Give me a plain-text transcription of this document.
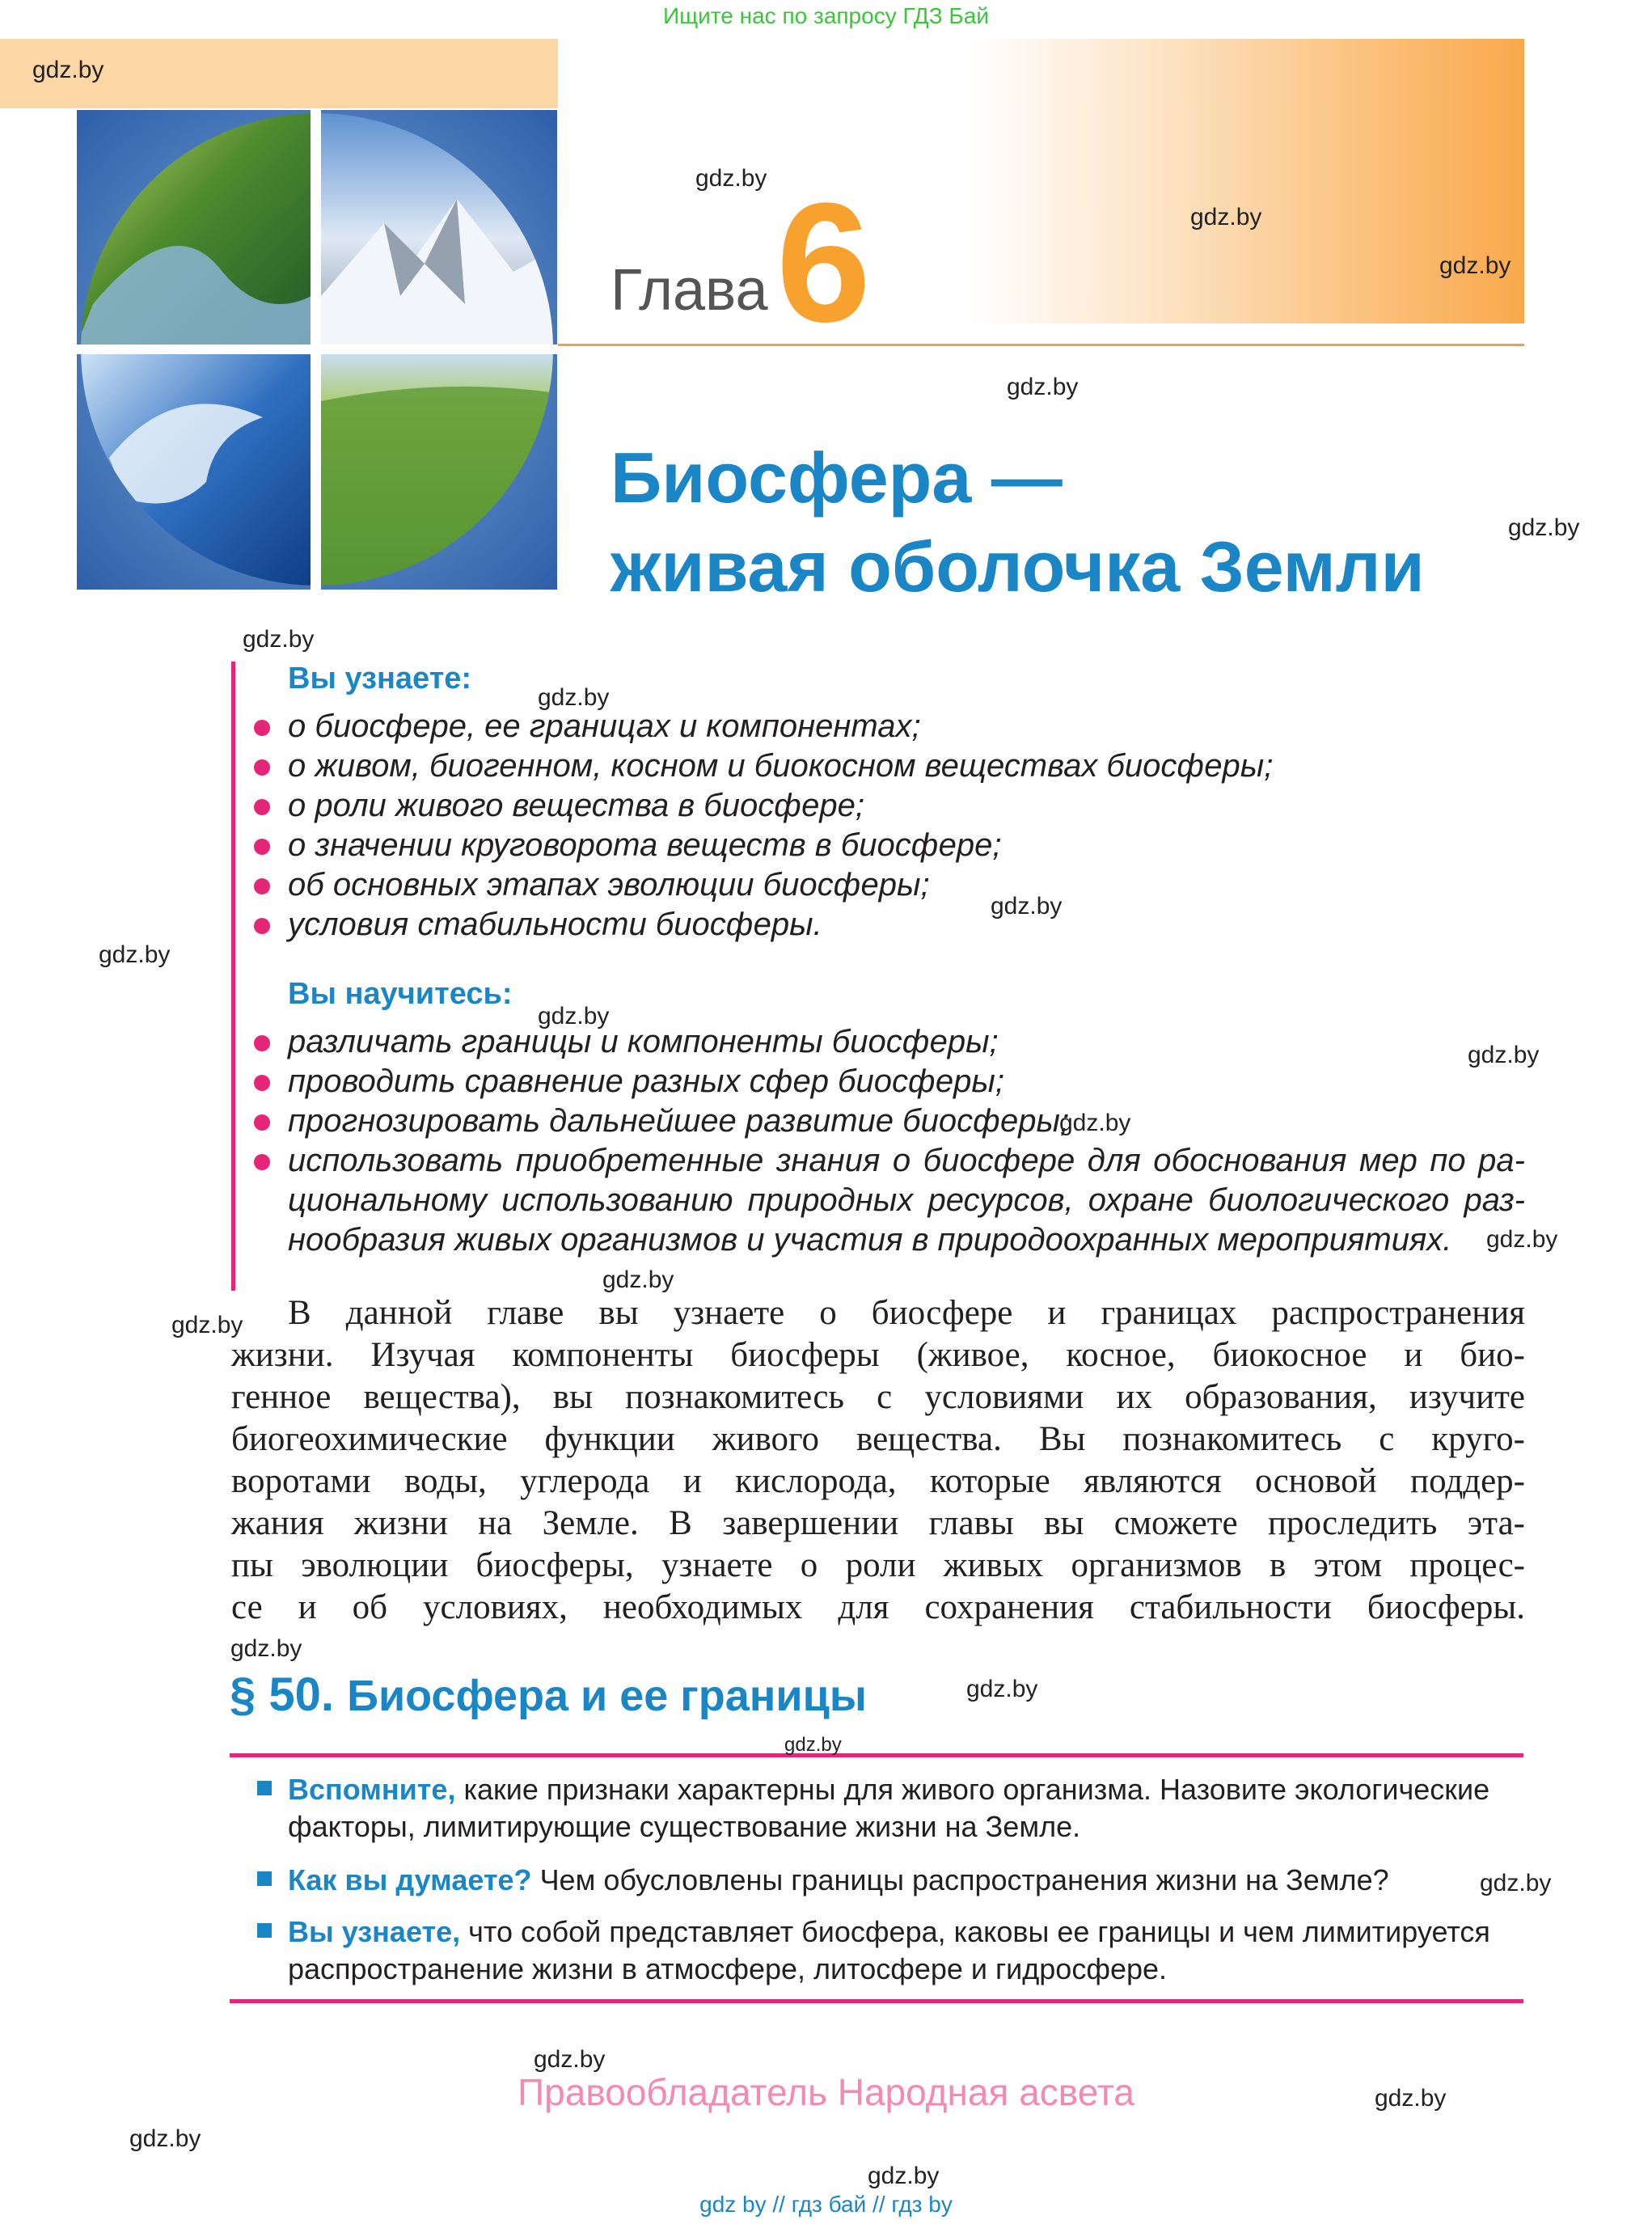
Ищите нас по запросу ГДЗ Бай
Глава 6
Биосфера —
живая оболочка Земли
Вы узнаете:
о биосфере, ее границах и компонентах;
о живом, биогенном, косном и биокосном веществах биосферы;
о роли живого вещества в биосфере;
о значении круговорота веществ в биосфере;
об основных этапах эволюции биосферы;
условия стабильности биосферы.
Вы научитесь:
различать границы и компоненты биосферы;
проводить сравнение разных сфер биосферы;
прогнозировать дальнейшее развитие биосферы;
использовать приобретенные знания о биосфере для обоснования мер по ра-
циональному использованию природных ресурсов, охране биологического раз-
нообразия живых организмов и участия в природоохранных мероприятиях.
В данной главе вы узнаете о биосфере и границах распространения
жизни. Изучая компоненты биосферы (живое, косное, биокосное и био-
генное вещества), вы познакомитесь с условиями их образования, изучите
биогеохимические функции живого вещества. Вы познакомитесь с круго-
воротами воды, углерода и кислорода, которые являются основой поддер-
жания жизни на Земле. В завершении главы вы сможете проследить эта-
пы эволюции биосферы, узнаете о роли живых организмов в этом процес-
се и об условиях, необходимых для сохранения стабильности биосферы.
§ 50. Биосфера и ее границы
Вспомните, какие признаки характерны для живого организма. Назовите экологические
факторы, лимитирующие существование жизни на Земле.
Как вы думаете? Чем обусловлены границы распространения жизни на Земле?
Вы узнаете, что собой представляет биосфера, каковы ее границы и чем лимитируется
распространение жизни в атмосфере, литосфере и гидросфере.
Правообладатель Народная асвета
gdz by // гдз бай // гдз by
gdz.by
gdz.by
gdz.by
gdz.by
gdz.by
gdz.by
gdz.by
gdz.by
gdz.by
gdz.by
gdz.by
gdz.by
gdz.by
gdz.by
gdz.by
gdz.by
gdz.by
gdz.by
gdz.by
gdz.by
gdz.by
gdz.by
gdz.by
gdz.by
